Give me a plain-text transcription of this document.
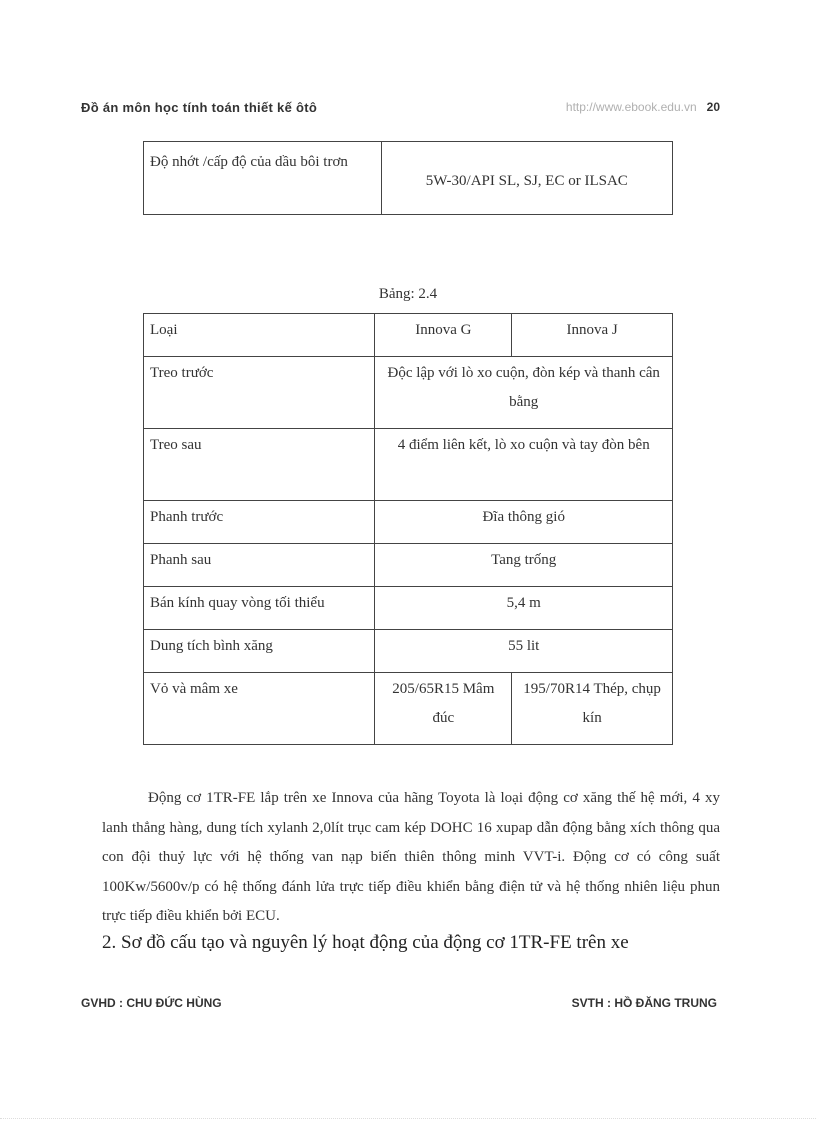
Đồ án môn học tính toán thiết kế ôtô	http://www.ebook.edu.vn 20
Độ nhớt /cấp độ của dầu bôi trơn	5W-30/API SL, SJ, EC or ILSAC
Bảng: 2.4
Loại	Innova G	Innova J
Treo trước	Độc lập với lò xo cuộn, đòn kép và thanh cân bằng	
Treo sau	4 điểm liên kết, lò xo cuộn và tay đòn bên	
Phanh trước	Đĩa thông gió	
Phanh sau	Tang trống	
Bán kính quay vòng tối thiểu	5,4 m	
Dung tích bình xăng	55 lit	
Vỏ và mâm xe	205/65R15 Mâm đúc	195/70R14 Thép, chụp kín

Động cơ 1TR-FE lắp trên xe Innova của hãng Toyota là loại động cơ xăng thế hệ mới, 4 xy lanh thẳng hàng, dung tích xylanh 2,0lít trục cam kép DOHC 16 xupap dẫn động bằng xích thông qua con đội thuỷ lực với hệ thống van nạp biến thiên thông minh VVT-i. Động cơ có công suất 100Kw/5600v/p có hệ thống đánh lửa trực tiếp điều khiển bằng điện tử và hệ thống nhiên liệu phun trực tiếp điều khiển bởi ECU.

2. Sơ đồ cấu tạo và nguyên lý hoạt động của động cơ 1TR-FE trên xe

GVHD : CHU ĐỨC HÙNG	SVTH : HỒ ĐĂNG TRUNG
